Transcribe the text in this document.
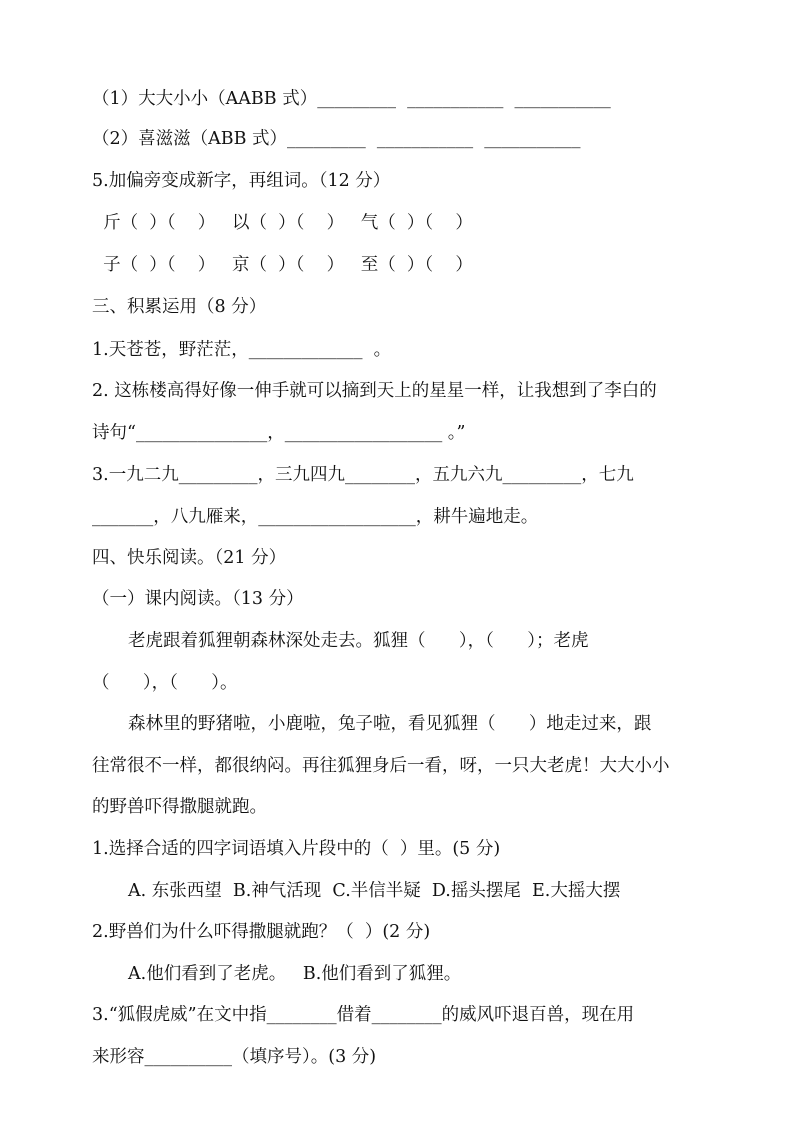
（1）大大小小（AABB 式）_________  ___________  ___________
（2）喜滋滋（ABB 式）_________  ___________  ___________
5.加偏旁变成新字，再组词。（12 分）
斤（  ）（    ）   以（  ）（    ）   气（  ）（    ）
子（  ）（    ）   京（  ）（    ）   至（  ）（    ）
三、积累运用（8 分）
1.天苍苍，野茫茫，_____________  。
2. 这栋楼高得好像一伸手就可以摘到天上的星星一样，让我想到了李白的
诗句“_______________，__________________ 。”
3.一九二九_________，三九四九________，五九六九_________，七九
_______，八九雁来，__________________，耕牛遍地走。
四、快乐阅读。（21 分）
（一）课内阅读。（13 分）
老虎跟着狐狸朝森林深处走去。狐狸（      ），（      ）；老虎
（      ），（      ）。
森林里的野猪啦，小鹿啦，兔子啦，看见狐狸（      ）地走过来，跟
往常很不一样，都很纳闷。再往狐狸身后一看，呀，一只大老虎！大大小小
的野兽吓得撒腿就跑。
1.选择合适的四字词语填入片段中的（  ）里。(5 分)
A. 东张西望  B.神气活现  C.半信半疑  D.摇头摆尾  E.大摇大摆
2.野兽们为什么吓得撒腿就跑？（  ）(2 分)
A.他们看到了老虎。   B.他们看到了狐狸。
3.“狐假虎威”在文中指________借着________的威风吓退百兽，现在用
来形容__________（填序号）。(3 分)
